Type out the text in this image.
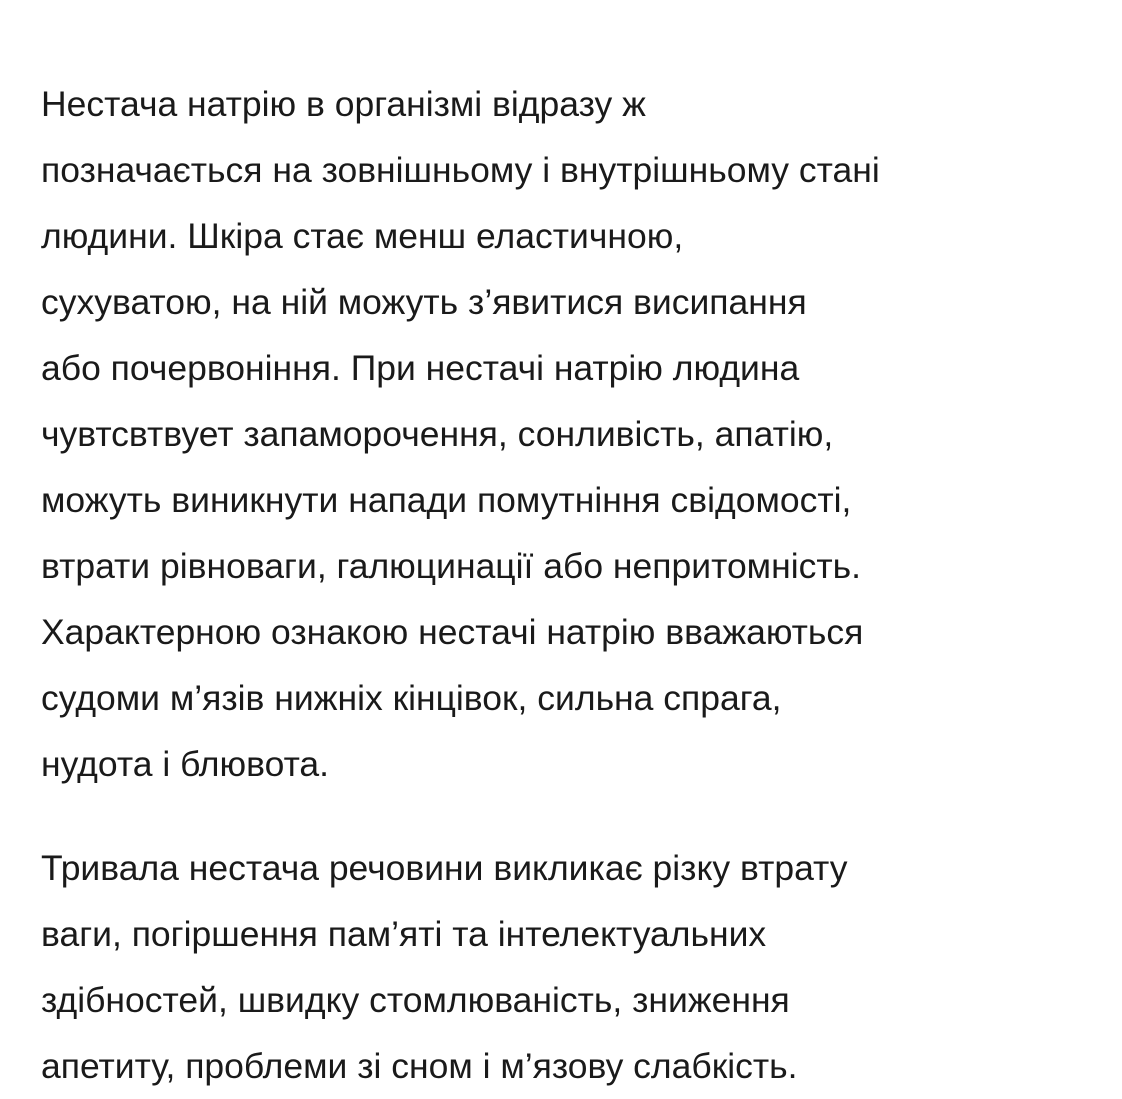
Нестача натрію в організмі відразу ж
позначається на зовнішньому і внутрішньому стані
людини. Шкіра стає менш еластичною,
сухуватою, на ній можуть з’явитися висипання
або почервоніння. При нестачі натрію людина
чувтсвтвует запаморочення, сонливість, апатію,
можуть виникнути напади помутніння свідомості,
втрати рівноваги, галюцинації або непритомність.
Характерною ознакою нестачі натрію вважаються
судоми м’язів нижніх кінцівок, сильна спрага,
нудота і блювота.

Тривала нестача речовини викликає різку втрату
ваги, погіршення пам’яті та інтелектуальних
здібностей, швидку стомлюваність, зниження
апетиту, проблеми зі сном і м’язову слабкість.
